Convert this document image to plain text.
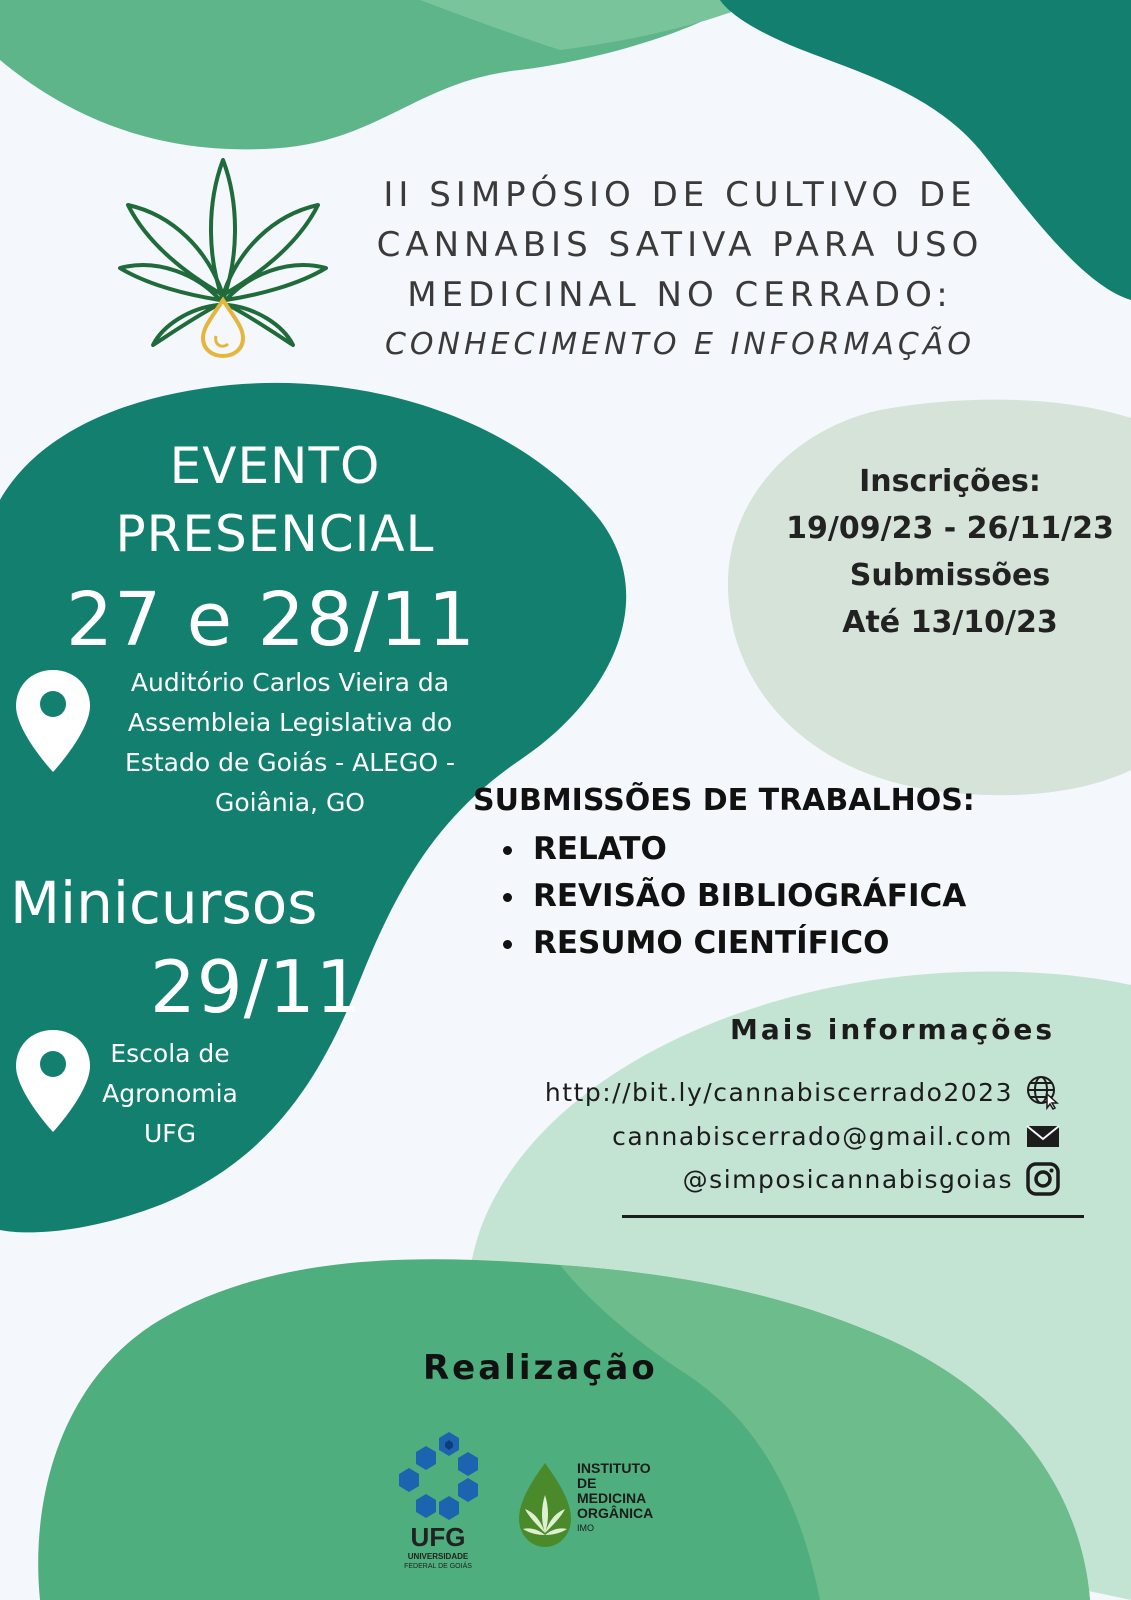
II SIMPÓSIO DE CULTIVO DE
CANNABIS SATIVA PARA USO
MEDICINAL NO CERRADO:
CONHECIMENTO E INFORMAÇÃO
EVENTO
PRESENCIAL
27 e 28/11
Auditório Carlos Vieira da
Assembleia Legislativa do
Estado de Goiás - ALEGO -
Goiânia, GO
Minicursos
29/11
Escola de
Agronomia
UFG
Inscrições:
19/09/23 - 26/11/23
Submissões
Até 13/10/23
SUBMISSÕES DE TRABALHOS:
RELATO
REVISÃO BIBLIOGRÁFICA
RESUMO CIENTÍFICO
Mais informações
http://bit.ly/cannabiscerrado2023
cannabiscerrado@gmail.com
@simposicannabisgoias
Realização
UFG
UNIVERSIDADE
FEDERAL DE GOIÁS
INSTITUTO
DE
MEDICINA
ORGÂNICA
IMO
